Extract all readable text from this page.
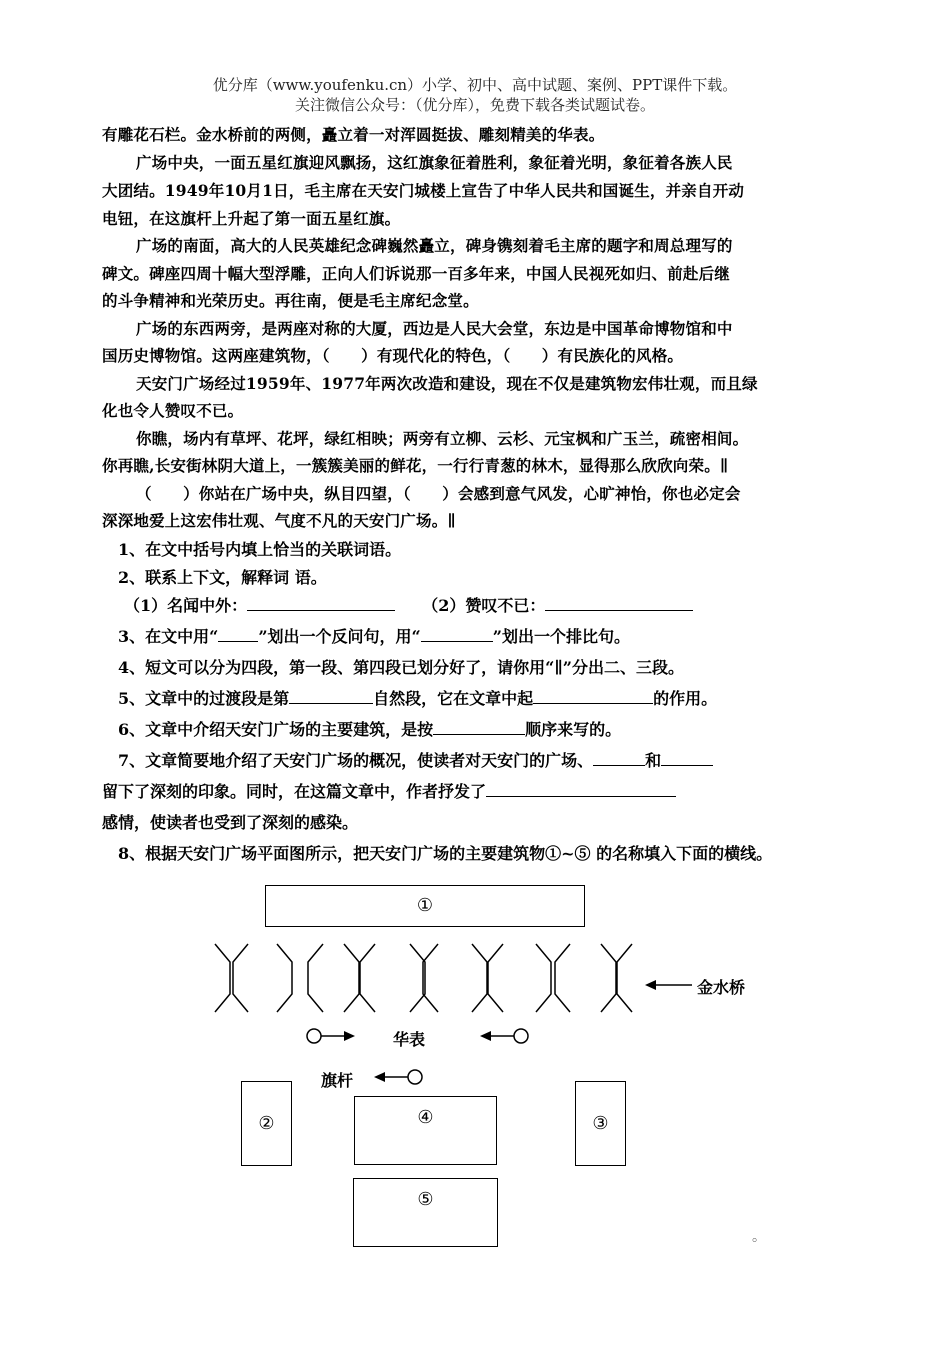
优分库（www.youfenku.cn）小学、初中、高中试题、案例、PPT课件下载。
关注微信公众号：（优分库），免费下载各类试题试卷。
有雕花石栏。金水桥前的两侧，矗立着一对浑圆挺拔、雕刻精美的华表。
广场中央，一面五星红旗迎风飘扬，这红旗象征着胜利，象征着光明，象征着各族人民
大团结。1949年10月1日，毛主席在天安门城楼上宣告了中华人民共和国诞生，并亲自开动
电钮，在这旗杆上升起了第一面五星红旗。
广场的南面，高大的人民英雄纪念碑巍然矗立，碑身镌刻着毛主席的题字和周总理写的
碑文。碑座四周十幅大型浮雕，正向人们诉说那一百多年来，中国人民视死如归、前赴后继
的斗争精神和光荣历史。再往南，便是毛主席纪念堂。
广场的东西两旁，是两座对称的大厦，西边是人民大会堂，东边是中国革命博物馆和中
国历史博物馆。这两座建筑物，（　　）有现代化的特色，（　　）有民族化的风格。
天安门广场经过1959年、1977年两次改造和建设，现在不仅是建筑物宏伟壮观，而且绿
化也令人赞叹不已。
你瞧，场内有草坪、花坪，绿红相映；两旁有立柳、云杉、元宝枫和广玉兰，疏密相间。
你再瞧,长安街林阴大道上，一簇簇美丽的鲜花，一行行青葱的林木，显得那么欣欣向荣。∥
（　　）你站在广场中央，纵目四望，（　　）会感到意气风发，心旷神怡，你也必定会
深深地爱上这宏伟壮观、气度不凡的天安门广场。∥
1、在文中括号内填上恰当的关联词语。
2、联系上下文，解释词 语。
（1）名闻中外：	（2）赞叹不已：
3、在文中用“	”划出一个反问句，用“	”划出一个排比句。
4、短文可以分为四段，第一段、第四段已划分好了，请你用“∥”分出二、三段。
5、文章中的过渡段是第	自然段，它在文章中起	的作用。
6、文章中介绍天安门广场的主要建筑，是按	顺序来写的。
7、文章简要地介绍了天安门广场的概况，使读者对天安门的广场、	和
留下了深刻的印象。同时，在这篇文章中，作者抒发了
感情，使读者也受到了深刻的感染。
8、根据天安门广场平面图所示，把天安门广场的主要建筑物①~⑤ 的名称填入下面的横线。
①
金水桥
华表
旗杆
②	④	③
⑤
。
